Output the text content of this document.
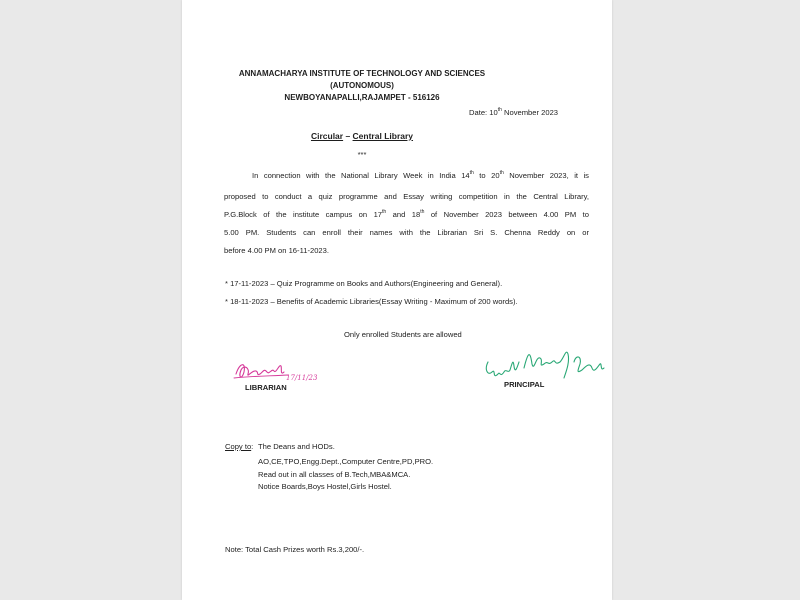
ANNAMACHARYA INSTITUTE OF TECHNOLOGY AND SCIENCES
(AUTONOMOUS)
NEWBOYANAPALLI,RAJAMPET - 516126
Date: 10th November 2023
Circular – Central Library
***
In connection with the National Library Week in India 14th to 20th November 2023, it is
proposed to conduct a quiz programme and Essay writing competition in the Central Library,
P.G.Block of the institute campus on 17th and 18th of November 2023 between 4.00 PM to
5.00 PM. Students can enroll their names with the Librarian Sri S. Chenna Reddy on or
before 4.00 PM on 16-11-2023.
* 17-11-2023 – Quiz Programme on Books and Authors(Engineering and General).
* 18-11-2023 – Benefits of Academic Libraries(Essay Writing - Maximum of 200 words).
Only enrolled Students are allowed
17/11/23
LIBRARIAN	PRINCIPAL
Copy to: The Deans and HODs.
AO,CE,TPO,Engg.Dept.,Computer Centre,PD,PRO.
Read out in all classes of B.Tech,MBA&MCA.
Notice Boards,Boys Hostel,Girls Hostel.
Note: Total Cash Prizes worth Rs.3,200/-.
